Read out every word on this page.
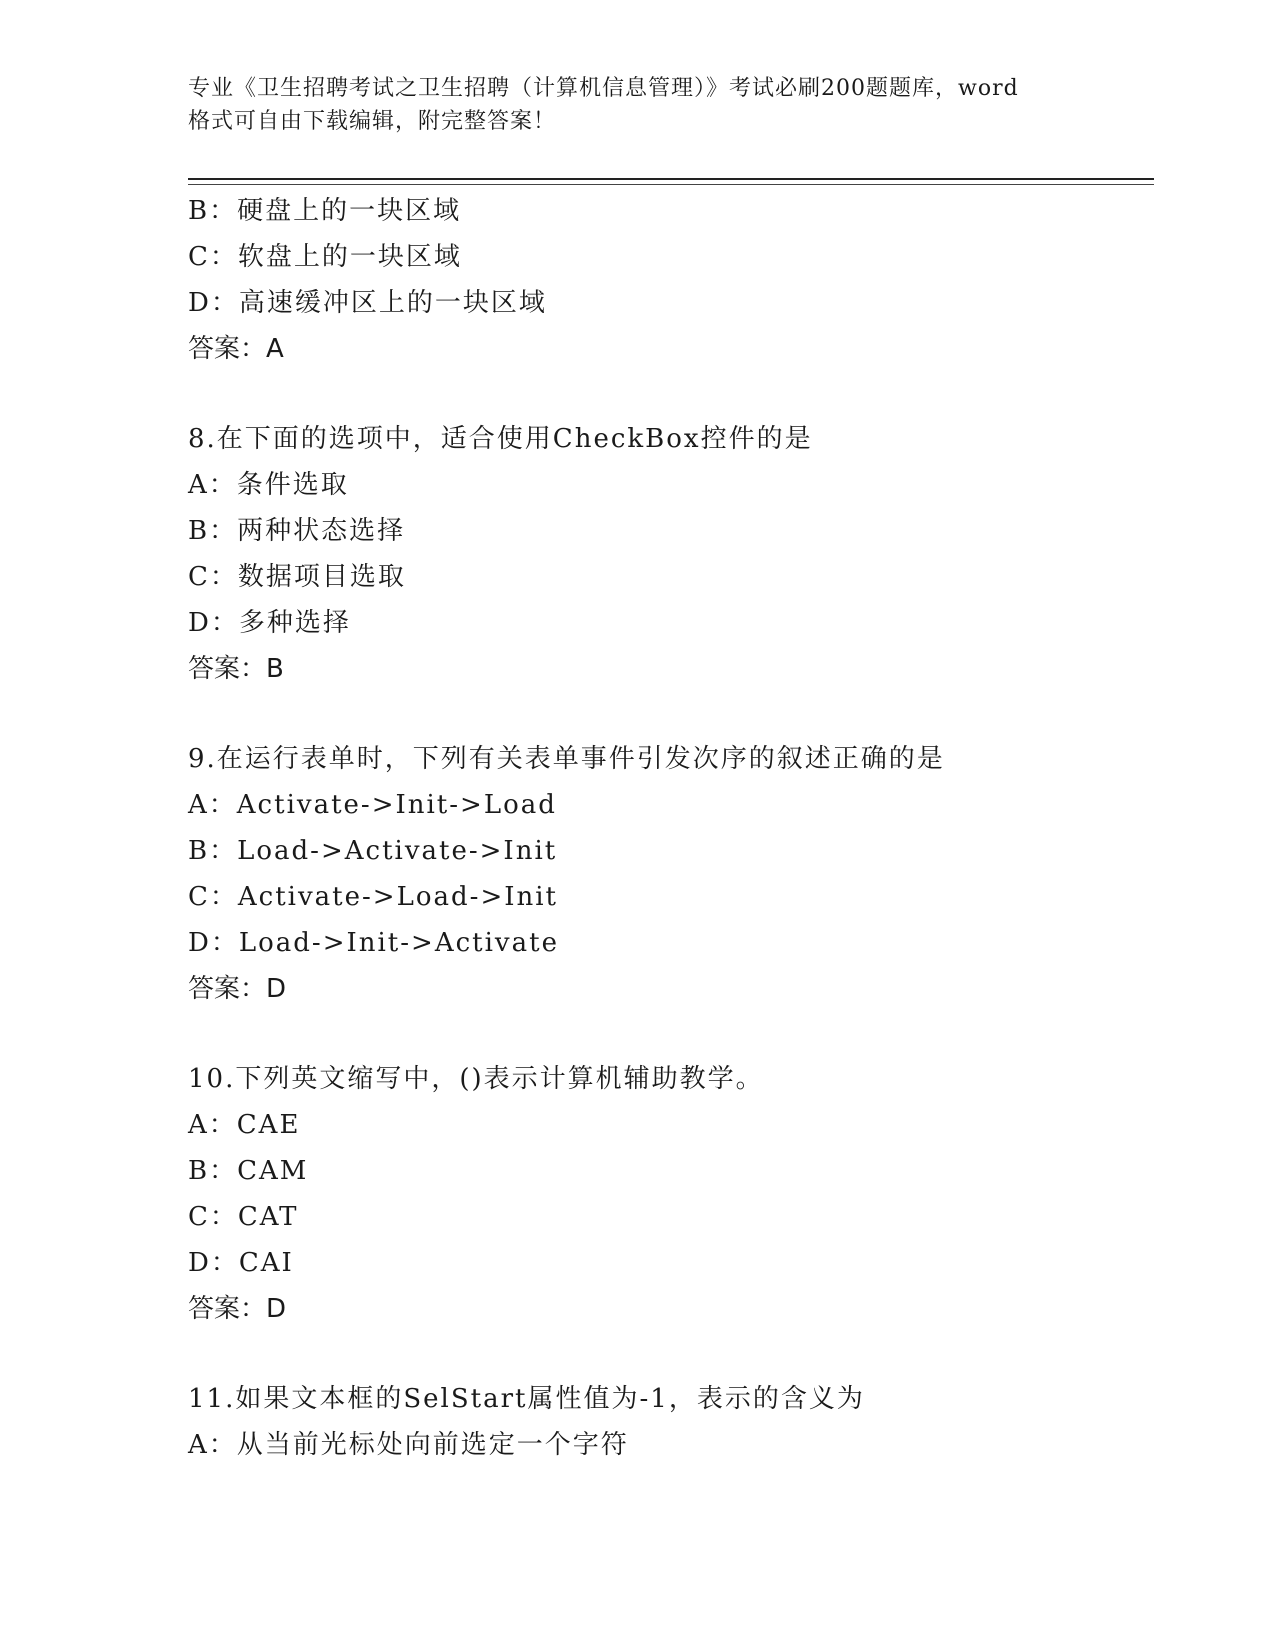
专业《卫生招聘考试之卫生招聘（计算机信息管理）》考试必刷200题题库，word
格式可自由下载编辑，附完整答案！
B：硬盘上的一块区域
C：软盘上的一块区域
D：高速缓冲区上的一块区域
答案：A
8.在下面的选项中，适合使用CheckBox控件的是
A：条件选取
B：两种状态选择
C：数据项目选取
D：多种选择
答案：B
9.在运行表单时，下列有关表单事件引发次序的叙述正确的是
A：Activate->Init->Load
B：Load->Activate->Init
C：Activate->Load->Init
D：Load->Init->Activate
答案：D
10.下列英文缩写中，()表示计算机辅助教学。
A：CAE
B：CAM
C：CAT
D：CAI
答案：D
11.如果文本框的SelStart属性值为-1，表示的含义为
A：从当前光标处向前选定一个字符
